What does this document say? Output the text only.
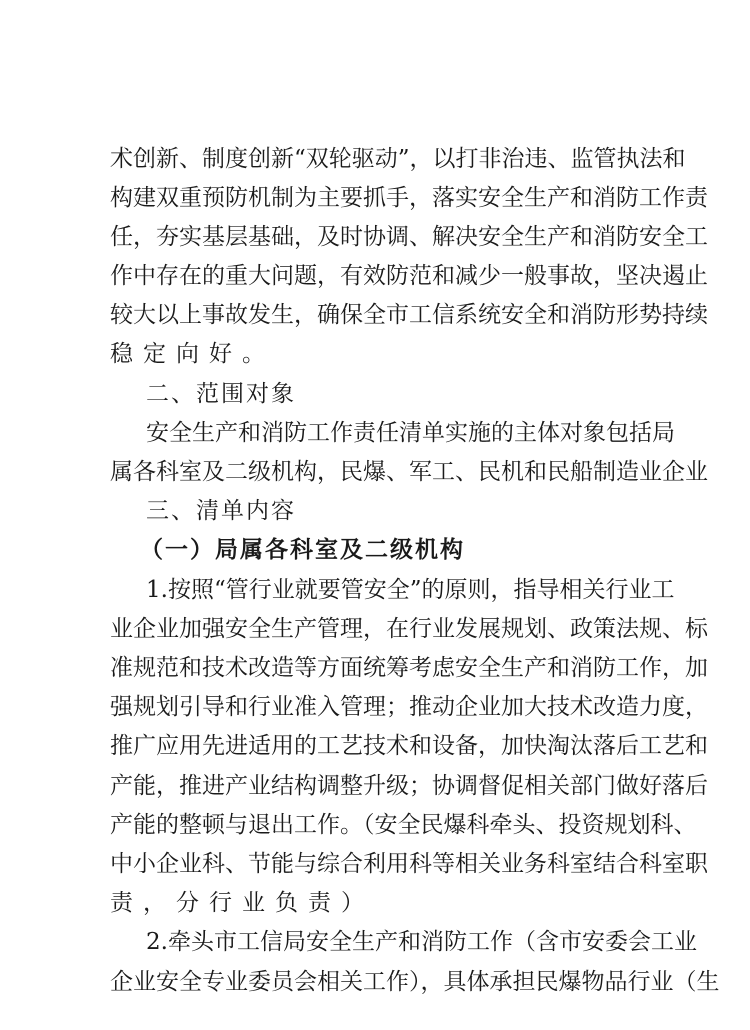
术创新、制度创新“双轮驱动”，以打非治违、监管执法和
构建双重预防机制为主要抓手，落实安全生产和消防工作责
任，夯实基层基础，及时协调、解决安全生产和消防安全工
作中存在的重大问题，有效防范和减少一般事故，坚决遏止
较大以上事故发生，确保全市工信系统安全和消防形势持续
稳定向好。
二、范围对象
安全生产和消防工作责任清单实施的主体对象包括局
属各科室及二级机构，民爆、军工、民机和民船制造业企业
三、清单内容
（一）局属各科室及二级机构
1.按照“管行业就要管安全”的原则，指导相关行业工
业企业加强安全生产管理，在行业发展规划、政策法规、标
准规范和技术改造等方面统筹考虑安全生产和消防工作，加
强规划引导和行业准入管理；推动企业加大技术改造力度，
推广应用先进适用的工艺技术和设备，加快淘汰落后工艺和
产能，推进产业结构调整升级；协调督促相关部门做好落后
产能的整顿与退出工作。（安全民爆科牵头、投资规划科、
中小企业科、节能与综合利用科等相关业务科室结合科室职
责，分行业负责）
2.牵头市工信局安全生产和消防工作（含市安委会工业
企业安全专业委员会相关工作），具体承担民爆物品行业（生
